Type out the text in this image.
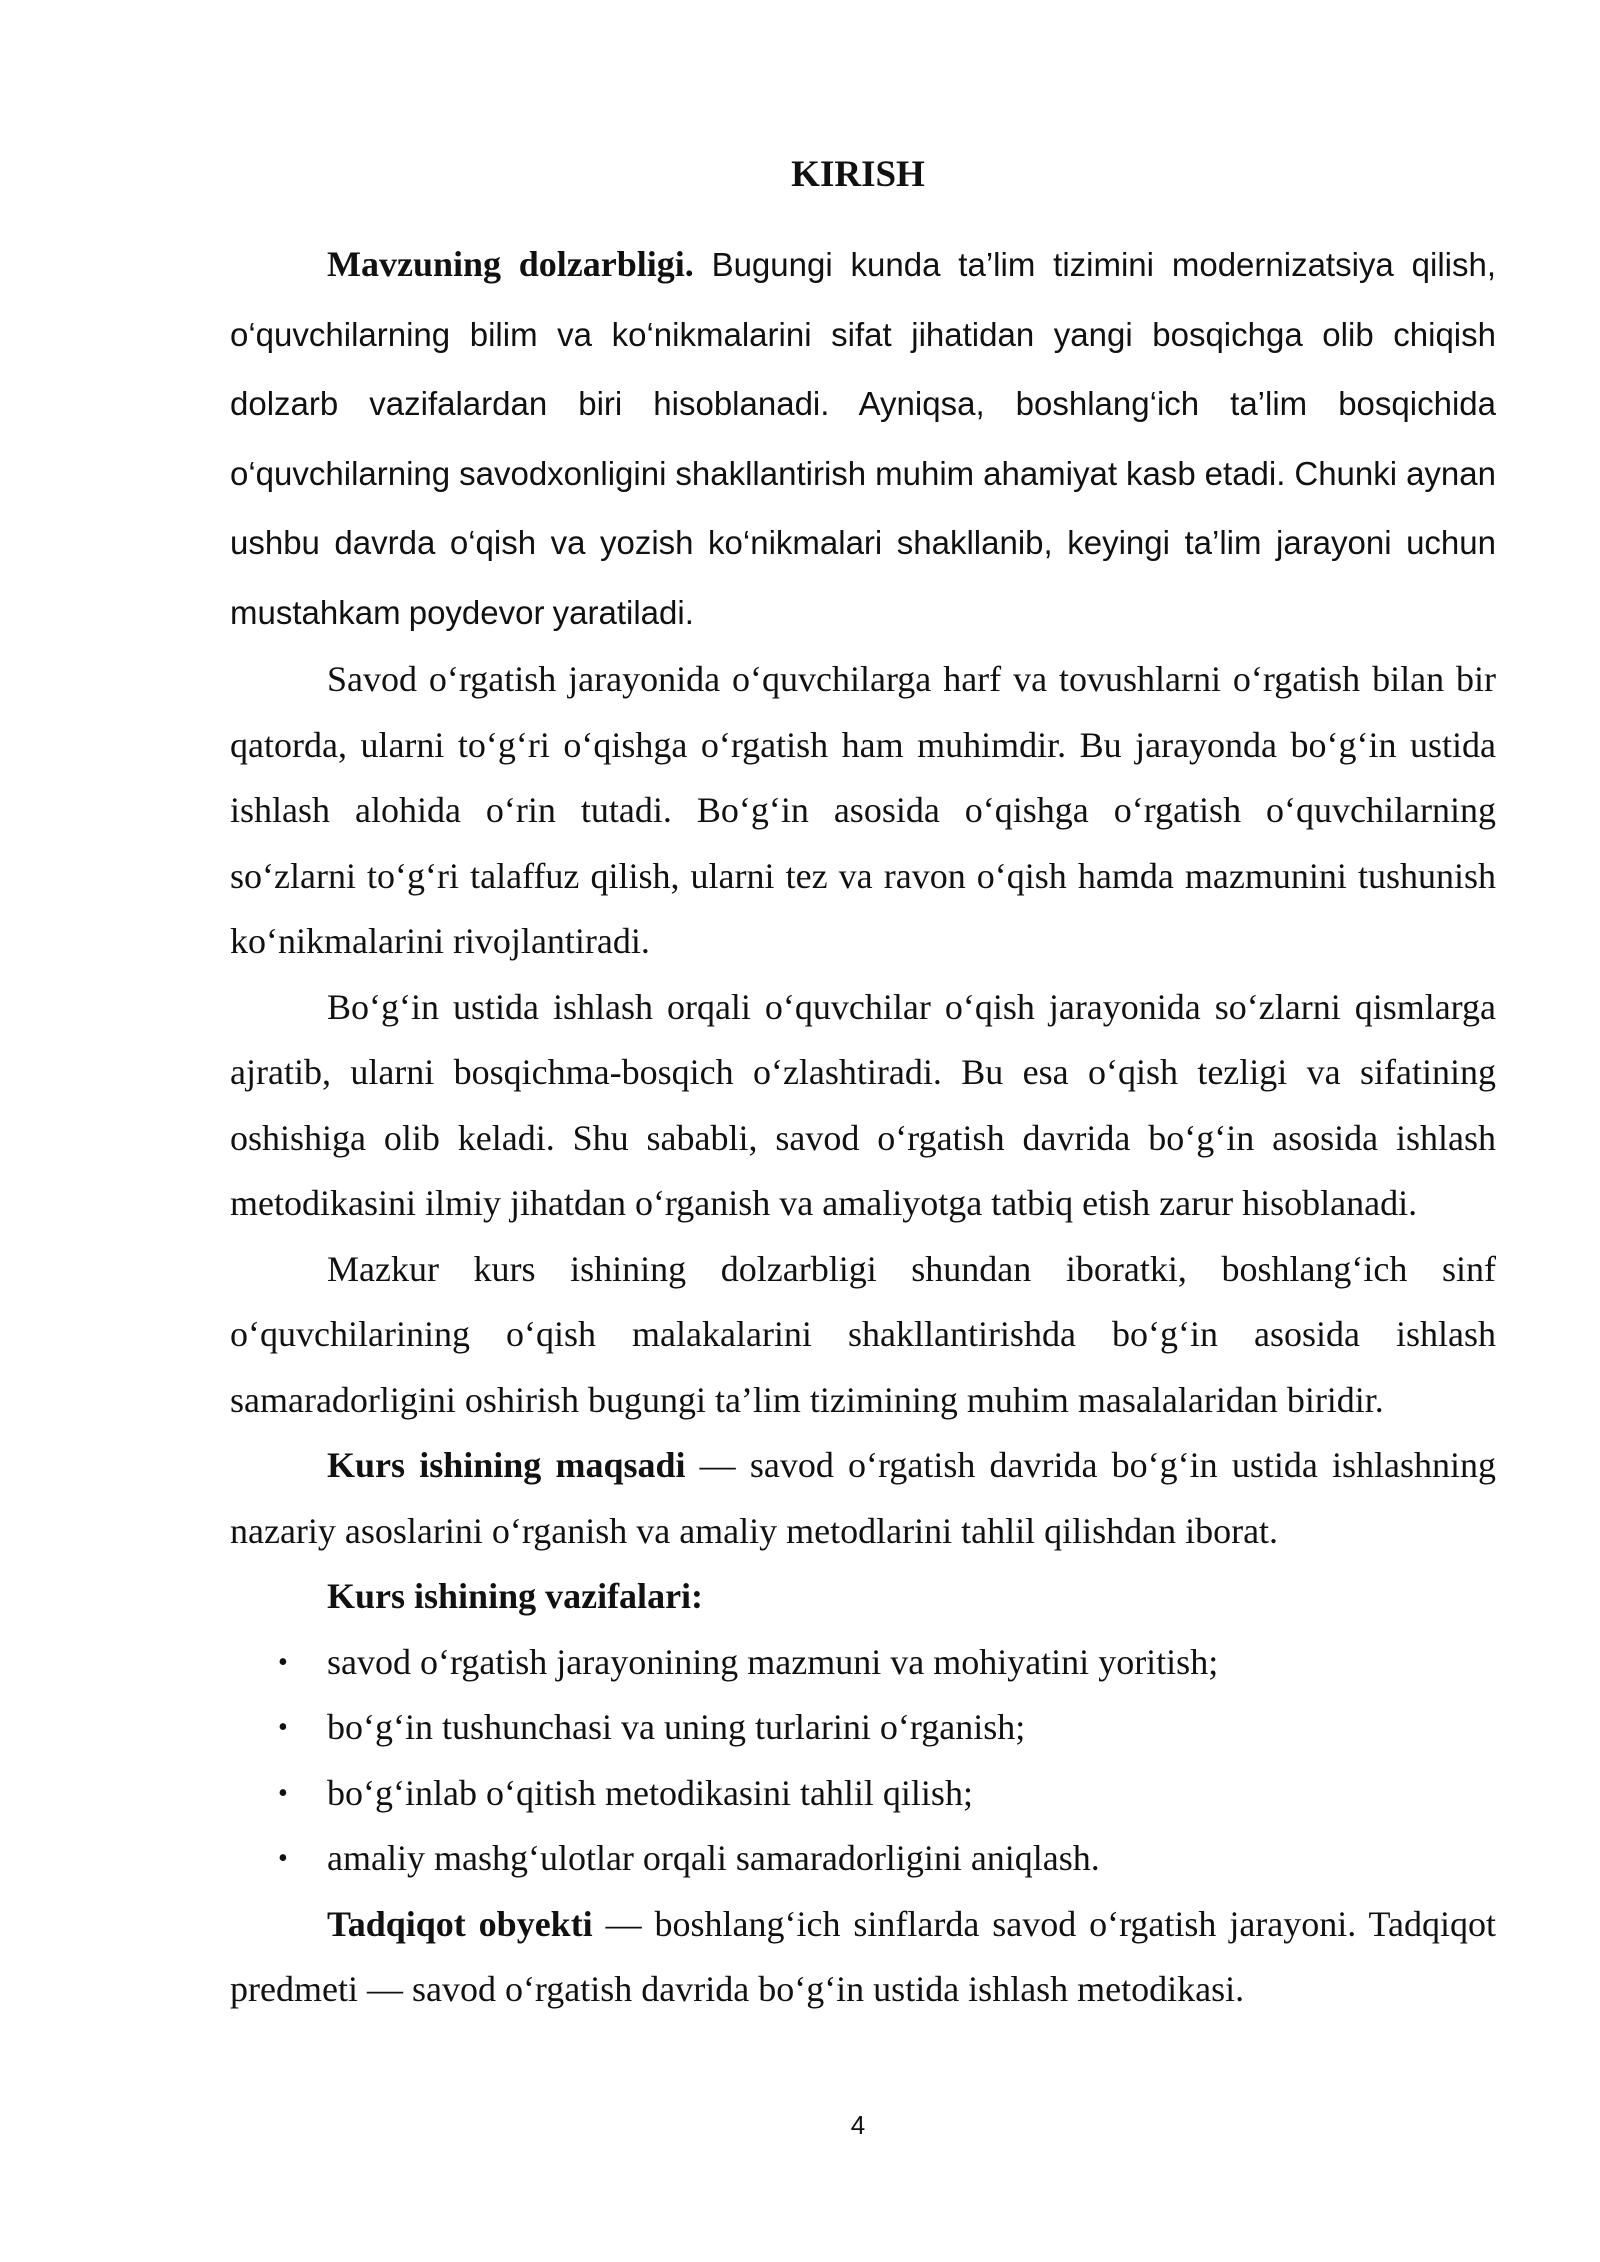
KIRISH

Mavzuning dolzarbligi. Bugungi kunda ta’lim tizimini modernizatsiya qilish, o‘quvchilarning bilim va ko‘nikmalarini sifat jihatidan yangi bosqichga olib chiqish dolzarb vazifalardan biri hisoblanadi. Ayniqsa, boshlang‘ich ta’lim bosqichida o‘quvchilarning savodxonligini shakllantirish muhim ahamiyat kasb etadi. Chunki aynan ushbu davrda o‘qish va yozish ko‘nikmalari shakllanib, keyingi ta’lim jarayoni uchun mustahkam poydevor yaratiladi.

Savod o‘rgatish jarayonida o‘quvchilarga harf va tovushlarni o‘rgatish bilan bir qatorda, ularni to‘g‘ri o‘qishga o‘rgatish ham muhimdir. Bu jarayonda bo‘g‘in ustida ishlash alohida o‘rin tutadi. Bo‘g‘in asosida o‘qishga o‘rgatish o‘quvchilarning so‘zlarni to‘g‘ri talaffuz qilish, ularni tez va ravon o‘qish hamda mazmunini tushunish ko‘nikmalarini rivojlantiradi.

Bo‘g‘in ustida ishlash orqali o‘quvchilar o‘qish jarayonida so‘zlarni qismlarga ajratib, ularni bosqichma-bosqich o‘zlashtiradi. Bu esa o‘qish tezligi va sifatining oshishiga olib keladi. Shu sababli, savod o‘rgatish davrida bo‘g‘in asosida ishlash metodikasini ilmiy jihatdan o‘rganish va amaliyotga tatbiq etish zarur hisoblanadi.

Mazkur kurs ishining dolzarbligi shundan iboratki, boshlang‘ich sinf o‘quvchilarining o‘qish malakalarini shakllantirishda bo‘g‘in asosida ishlash samaradorligini oshirish bugungi ta’lim tizimining muhim masalalaridan biridir.

Kurs ishining maqsadi — savod o‘rgatish davrida bo‘g‘in ustida ishlashning nazariy asoslarini o‘rganish va amaliy metodlarini tahlil qilishdan iborat.

Kurs ishining vazifalari:

• savod o‘rgatish jarayonining mazmuni va mohiyatini yoritish;
• bo‘g‘in tushunchasi va uning turlarini o‘rganish;
• bo‘g‘inlab o‘qitish metodikasini tahlil qilish;
• amaliy mashg‘ulotlar orqali samaradorligini aniqlash.

Tadqiqot obyekti — boshlang‘ich sinflarda savod o‘rgatish jarayoni. Tadqiqot predmeti — savod o‘rgatish davrida bo‘g‘in ustida ishlash metodikasi.

4
